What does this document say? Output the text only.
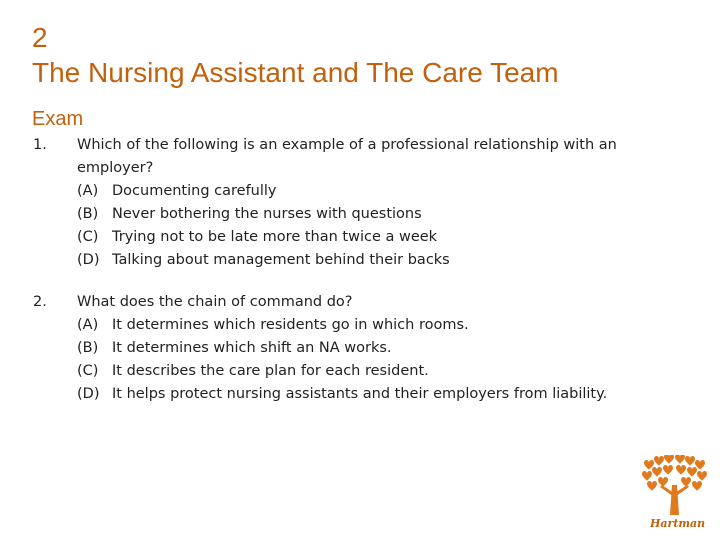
2
The Nursing Assistant and The Care Team
Exam
1. Which of the following is an example of a professional relationship with an employer?
(A) Documenting carefully
(B) Never bothering the nurses with questions
(C) Trying not to be late more than twice a week
(D) Talking about management behind their backs
2. What does the chain of command do?
(A) It determines which residents go in which rooms.
(B) It determines which shift an NA works.
(C) It describes the care plan for each resident.
(D) It helps protect nursing assistants and their employers from liability.
Hartman
